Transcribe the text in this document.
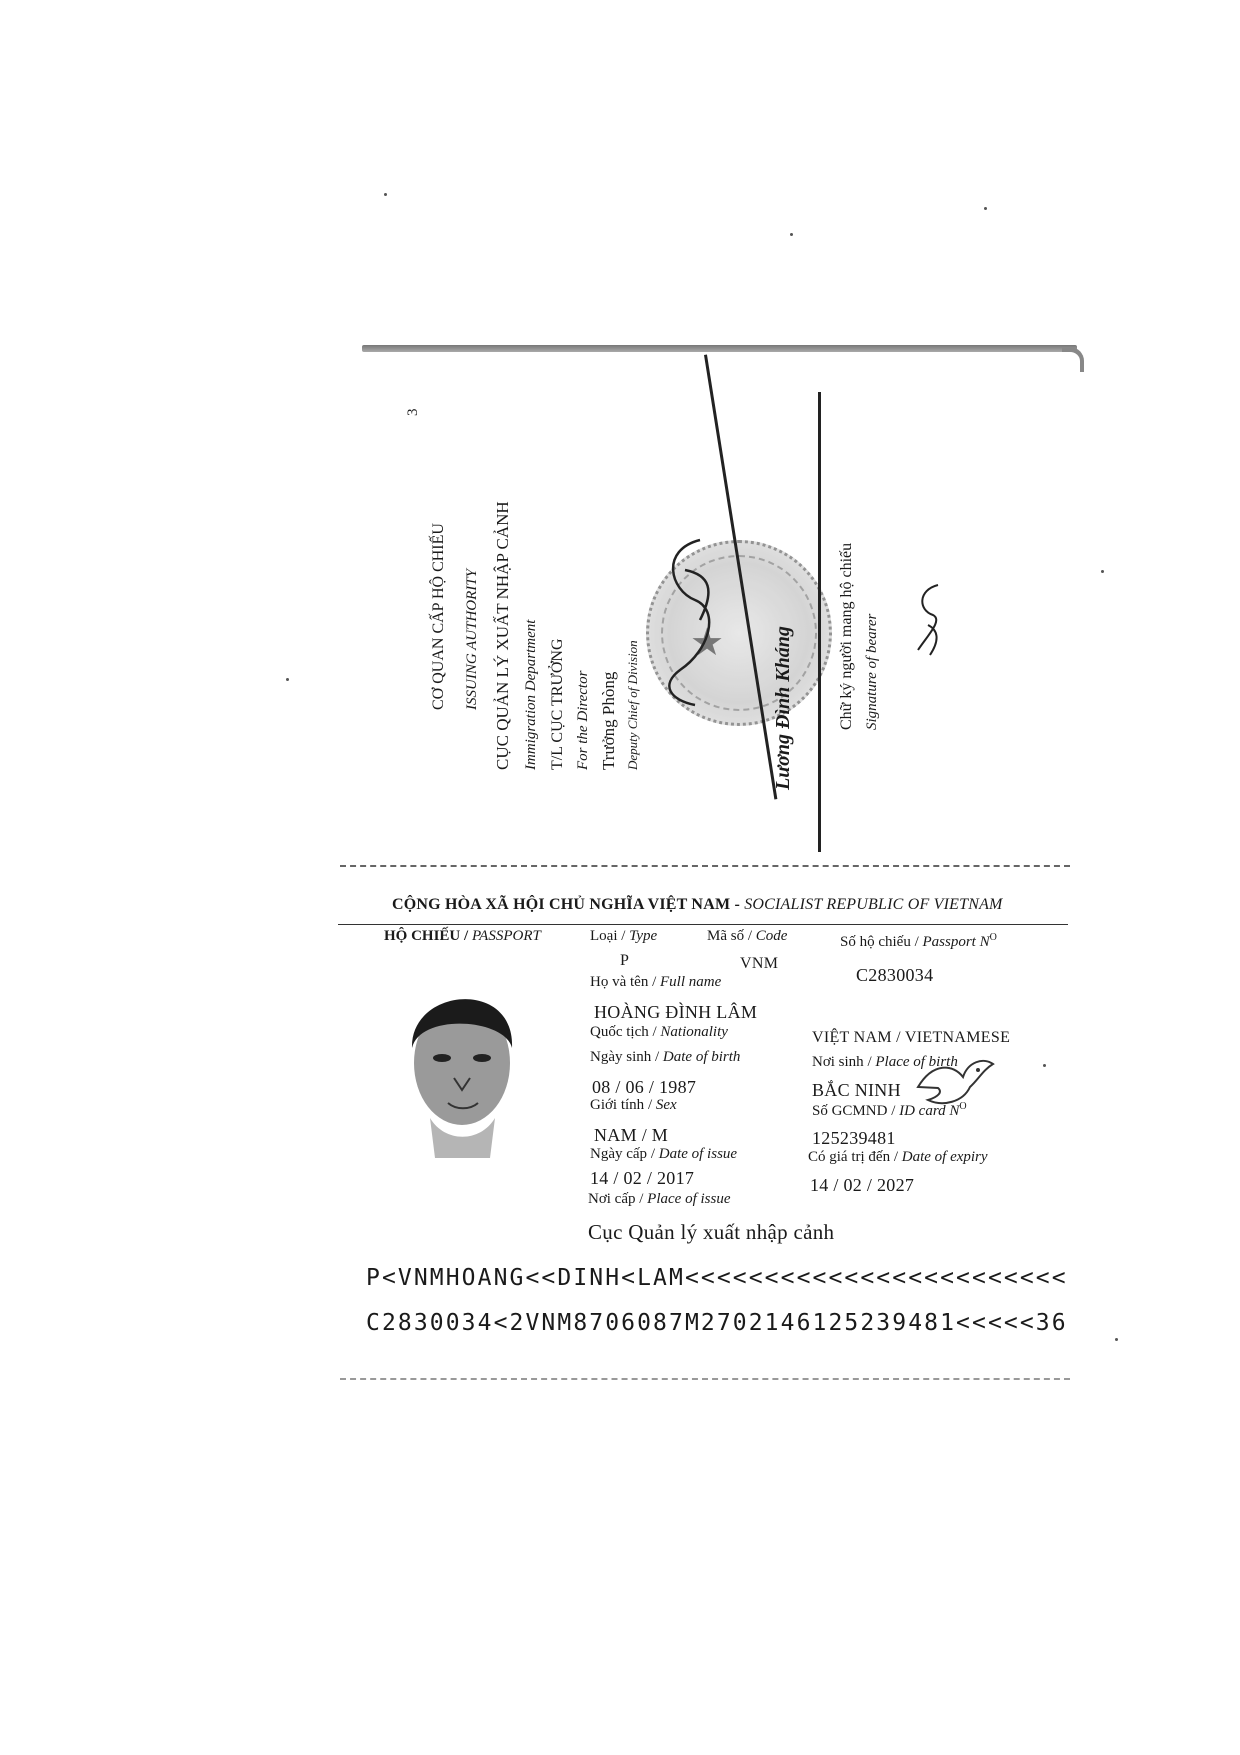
3
CƠ QUAN CẤP HỘ CHIẾU	ISSUING AUTHORITY CỤC QUẢN LÝ XUẤT NHẬP CẢNH Immigration Department T/L CỤC TRƯỞNG For the Director Trưởng Phòng Deputy Chief of Division ★ Lương Đình Kháng	Chữ ký người mang hộ chiếu Signature of bearer
CỘNG HÒA XÃ HỘI CHỦ NGHĨA VIỆT NAM - SOCIALIST REPUBLIC OF VIETNAM
HỘ CHIẾU / PASSPORT	Loại / Type	Mã số / Code	Số hộ chiếu / Passport $N^O$
P	VNM
C2830034
Họ và tên / Full name
HOÀNG ĐÌNH LÂM
Quốc tịch / Nationality	VIỆT NAM / VIETNAMESE
Ngày sinh / Date of birth	Nơi sinh / Place of birth
08 / 06 / 1987	BẮC NINH
Giới tính / Sex	Số GCMND / ID card $N^O$
NAM / M	125239481
Ngày cấp / Date of issue	Có giá trị đến / Date of expiry
14 / 02 / 2017	14 / 02 / 2027
Nơi cấp / Place of issue
Cục Quản lý xuất nhập cảnh
P<VNMHOANG<<DINH<LAM<<<<<<<<<<<<<<<<<<<<<<<<
C2830034<2VNM8706087M2702146125239481<<<<<36
